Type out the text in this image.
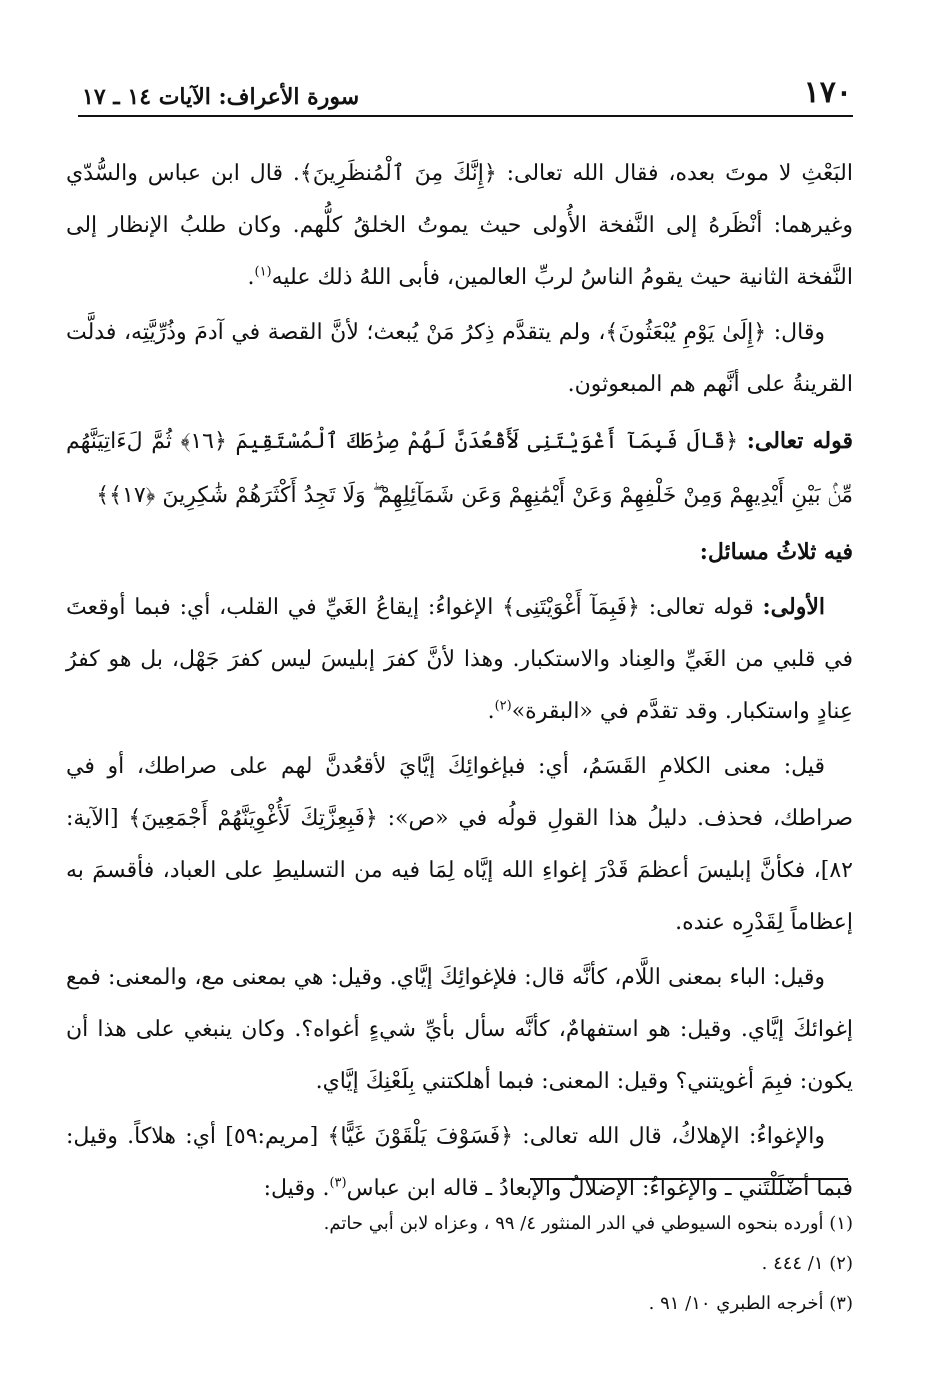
سورة الأعراف: الآيات ١٤ ـ ١٧	١٧٠

البَعْثِ لا موتَ بعده، فقال الله تعالى: ﴿إِنَّكَ مِنَ ٱلْمُنظَرِينَ﴾. قال ابن عباس والسُّدّي وغيرهما: أنْظَرهُ إلى النَّفخة الأُولى حيث يموتُ الخلقُ كلُّهم. وكان طلبُ الإنظار إلى النَّفخة الثانية حيث يقومُ الناسُ لربِّ العالمين، فأبى اللهُ ذلك عليه$^{(١)}$.

وقال: ﴿إِلَىٰ يَوْمِ يُبْعَثُونَ﴾، ولم يتقدَّم ذِكرُ مَنْ يُبعث؛ لأنَّ القصة في آدمَ وذُرِّيَّتِه، فدلَّت القرينةُ على أنَّهم هم المبعوثون.

قوله تعالى: ﴿قَالَ فَبِمَآ أَغْوَيْتَنِى لَأَقْعُدَنَّ لَهُمْ صِرَٰطَكَ ٱلْمُسْتَقِيمَ ﴿١٦﴾ ثُمَّ لَءَاتِيَنَّهُم مِّنۢ بَيْنِ أَيْدِيهِمْ وَمِنْ خَلْفِهِمْ وَعَنْ أَيْمَٰنِهِمْ وَعَن شَمَآئِلِهِمْ ۖ وَلَا تَجِدُ أَكْثَرَهُمْ شَٰكِرِينَ ﴿١٧﴾﴾

فيه ثلاثُ مسائل:

الأولى: قوله تعالى: ﴿فَبِمَآ أَغْوَيْتَنِى﴾ الإغواءُ: إيقاعُ الغَيِّ في القلب، أي: فبما أوقعتَ في قلبي من الغَيِّ والعِناد والاستكبار. وهذا لأنَّ كفرَ إبليسَ ليس كفرَ جَهْل، بل هو كفرُ عِنادٍ واستكبار. وقد تقدَّم في «البقرة»$^{(٢)}$.

قيل: معنى الكلامِ القَسَمُ، أي: فبإغوائِكَ إيَّايَ لأقعُدنَّ لهم على صراطك، أو في صراطك، فحذف. دليلُ هذا القولِ قولُه في «ص»: ﴿فَبِعِزَّتِكَ لَأُغْوِيَنَّهُمْ أَجْمَعِينَ﴾ [الآية: ٨٢]، فكأنَّ إبليسَ أعظمَ قَدْرَ إغواءِ الله إيَّاه لِمَا فيه من التسليطِ على العباد، فأقسمَ به إعظاماً لِقَدْرِه عنده.

وقيل: الباء بمعنى اللَّام، كأنَّه قال: فلإغوائِكَ إيَّاي. وقيل: هي بمعنى مع، والمعنى: فمع إغوائكَ إيَّاي. وقيل: هو استفهامٌ، كأنَّه سأل بأيِّ شيءٍ أغواه؟. وكان ينبغي على هذا أن يكون: فبِمَ أغويتني؟ وقيل: المعنى: فبما أهلكتني بِلَعْنِكَ إيَّاي.

والإغواءُ: الإهلاكُ، قال الله تعالى: ﴿فَسَوْفَ يَلْقَوْنَ غَيًّا﴾ [مريم:٥٩] أي: هلاكاً. وقيل: فبما أضْلَلْتَني ـ والإغواءُ: الإضلالُ والإبعادُ ـ قاله ابن عباس$^{(٣)}$. وقيل:

(١) أورده بنحوه السيوطي في الدر المنثور ٤/ ٩٩ ، وعزاه لابن أبي حاتم.
(٢) ١/ ٤٤٤ .
(٣) أخرجه الطبري ١٠/ ٩١ .
